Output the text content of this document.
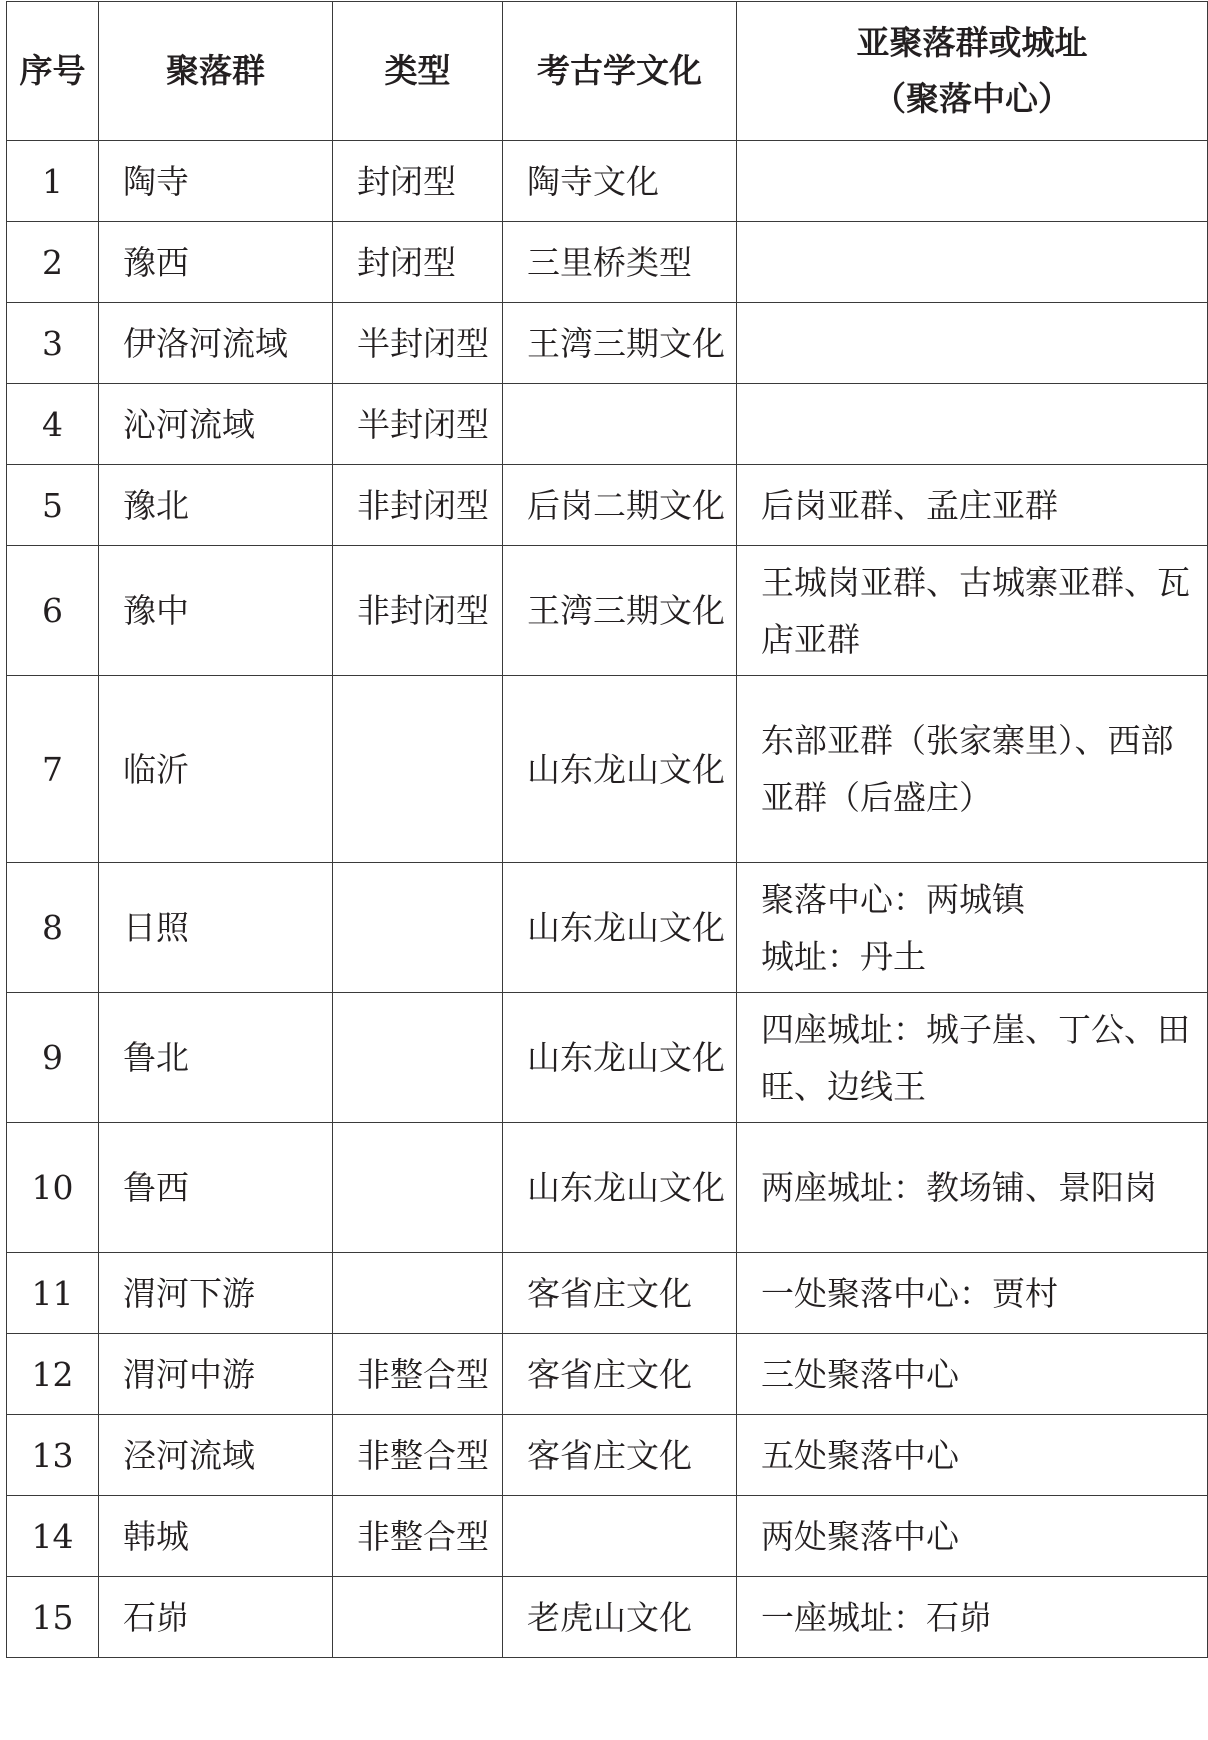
序号	聚落群	类型	考古学文化	亚聚落群或城址
（聚落中心）

1	陶寺	封闭型	陶寺文化	
2	豫西	封闭型	三里桥类型	
3	伊洛河流域	半封闭型	王湾三期文化	
4	沁河流域	半封闭型		
5	豫北	非封闭型	后岗二期文化	后岗亚群、孟庄亚群
6	豫中	非封闭型	王湾三期文化	王城岗亚群、古城寨亚群、瓦店亚群
7	临沂		山东龙山文化	东部亚群（张家寨里）、西部亚群（后盛庄）
8	日照		山东龙山文化	聚落中心：两城镇
城址：丹土
9	鲁北		山东龙山文化	四座城址：城子崖、丁公、田旺、边线王
10	鲁西		山东龙山文化	两座城址：教场铺、景阳岗
11	渭河下游		客省庄文化	一处聚落中心：贾村
12	渭河中游	非整合型	客省庄文化	三处聚落中心
13	泾河流域	非整合型	客省庄文化	五处聚落中心
14	韩城	非整合型		两处聚落中心
15	石峁		老虎山文化	一座城址：石峁
